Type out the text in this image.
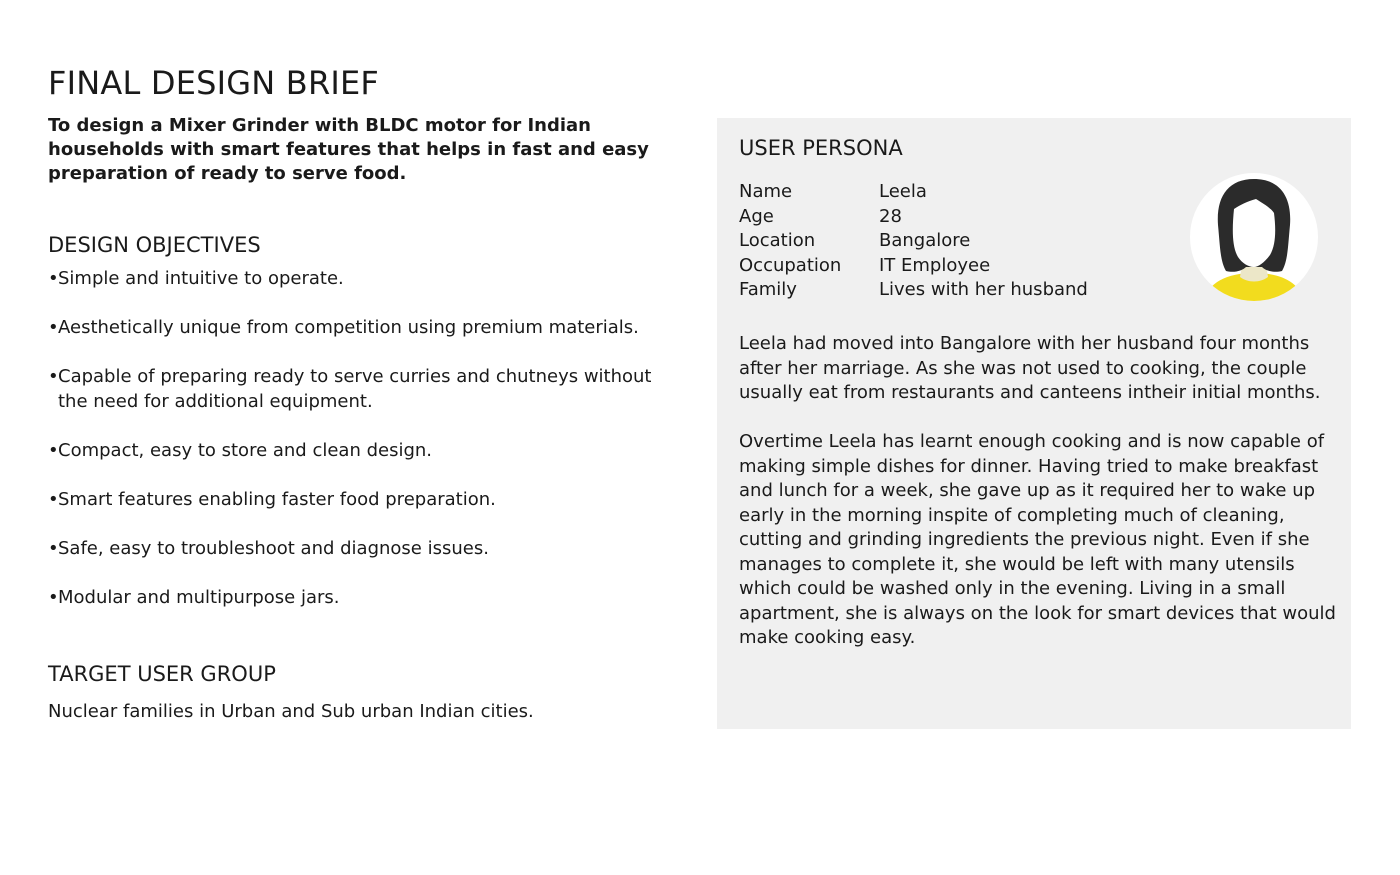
FINAL DESIGN BRIEF

To design a Mixer Grinder with BLDC motor for Indian households with smart features that helps in fast and easy preparation of ready to serve food.

DESIGN OBJECTIVES
• Simple and intuitive to operate.
• Aesthetically unique from competition using premium materials.
• Capable of preparing ready to serve curries and chutneys without the need for additional equipment.
• Compact, easy to store and clean design.
• Smart features enabling faster food preparation.
• Safe, easy to troubleshoot and diagnose issues.
• Modular and multipurpose jars.
TARGET USER GROUP

Nuclear families in Urban and Sub urban Indian cities.

USER PERSONA
Name	Leela
Age	28
Location	Bangalore
Occupation	IT Employee
Family	Lives with her husband

Leela had moved into Bangalore with her husband four months after her marriage. As she was not used to cooking, the couple usually eat from restaurants and canteens intheir initial months.

Overtime Leela has learnt enough cooking and is now capable of making simple dishes for dinner. Having tried to make breakfast and lunch for a week, she gave up as it required her to wake up early in the morning inspite of completing much of cleaning, cutting and grinding ingredients the previous night. Even if she manages to complete it, she would be left with many utensils which could be washed only in the evening. Living in a small apartment, she is always on the look for smart devices that would make cooking easy.
